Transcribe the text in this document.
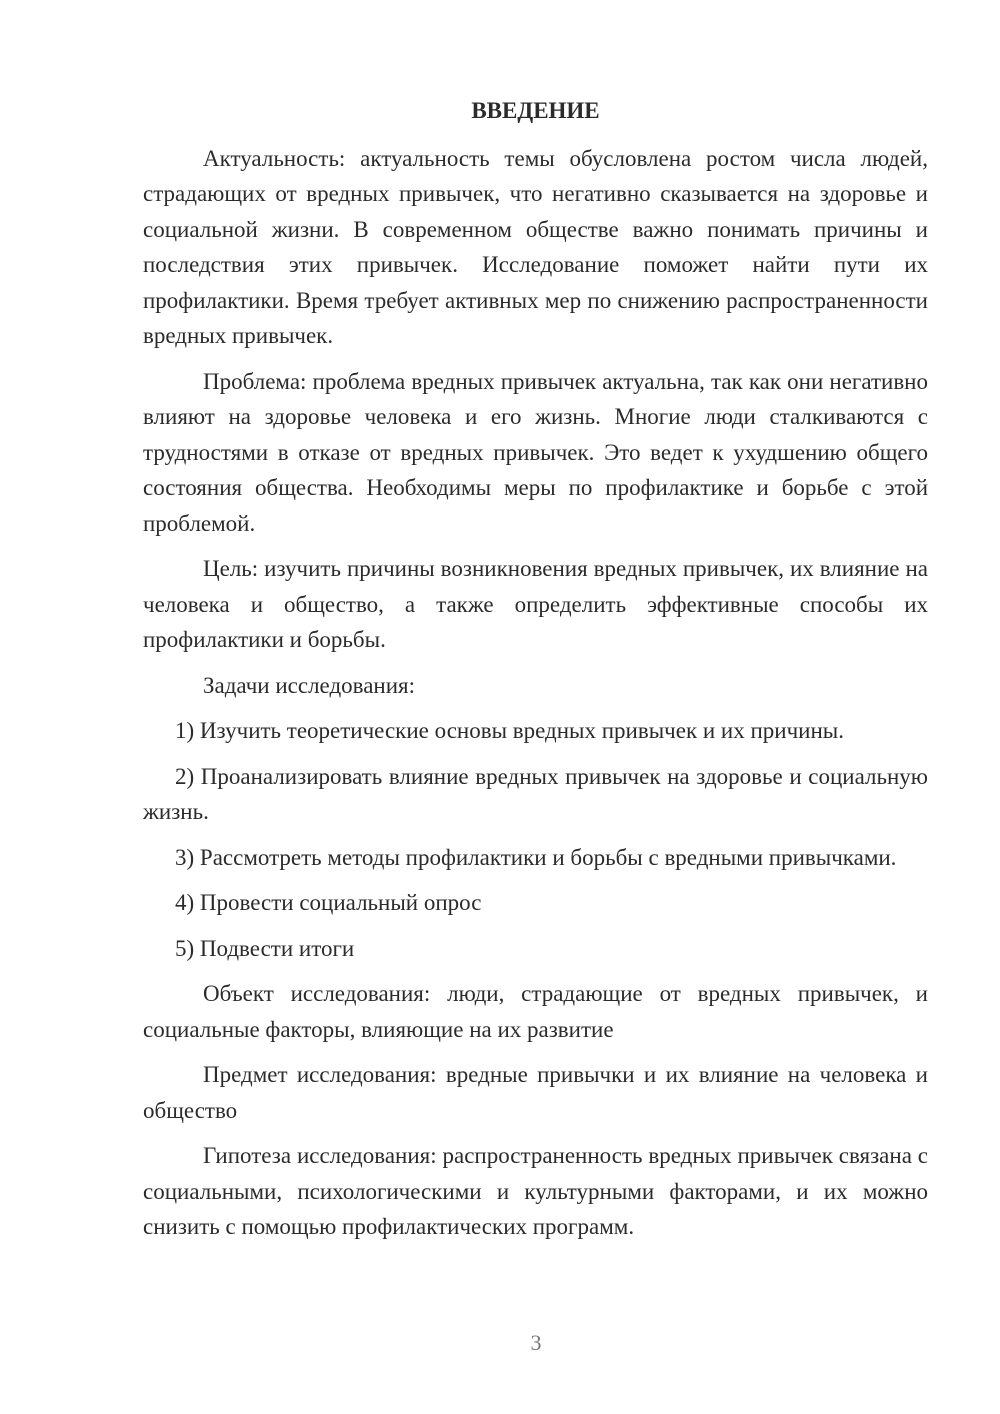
ВВЕДЕНИЕ

Актуальность: актуальность темы обусловлена ростом числа людей, страдающих от вредных привычек, что негативно сказывается на здоровье и социальной жизни. В современном обществе важно понимать причины и последствия этих привычек. Исследование поможет найти пути их профилактики. Время требует активных мер по снижению распространенности вредных привычек.

Проблема: проблема вредных привычек актуальна, так как они негативно влияют на здоровье человека и его жизнь. Многие люди сталкиваются с трудностями в отказе от вредных привычек. Это ведет к ухудшению общего состояния общества. Необходимы меры по профилактике и борьбе с этой проблемой.

Цель: изучить причины возникновения вредных привычек, их влияние на человека и общество, а также определить эффективные способы их профилактики и борьбы.

Задачи исследования:

1) Изучить теоретические основы вредных привычек и их причины.

2) Проанализировать влияние вредных привычек на здоровье и социальную жизнь.

3) Рассмотреть методы профилактики и борьбы с вредными привычками.

4) Провести социальный опрос

5) Подвести итоги

Объект исследования: люди, страдающие от вредных привычек, и социальные факторы, влияющие на их развитие

Предмет исследования: вредные привычки и их влияние на человека и общество

Гипотеза исследования: распространенность вредных привычек связана с социальными, психологическими и культурными факторами, и их можно снизить с помощью профилактических программ.

3
